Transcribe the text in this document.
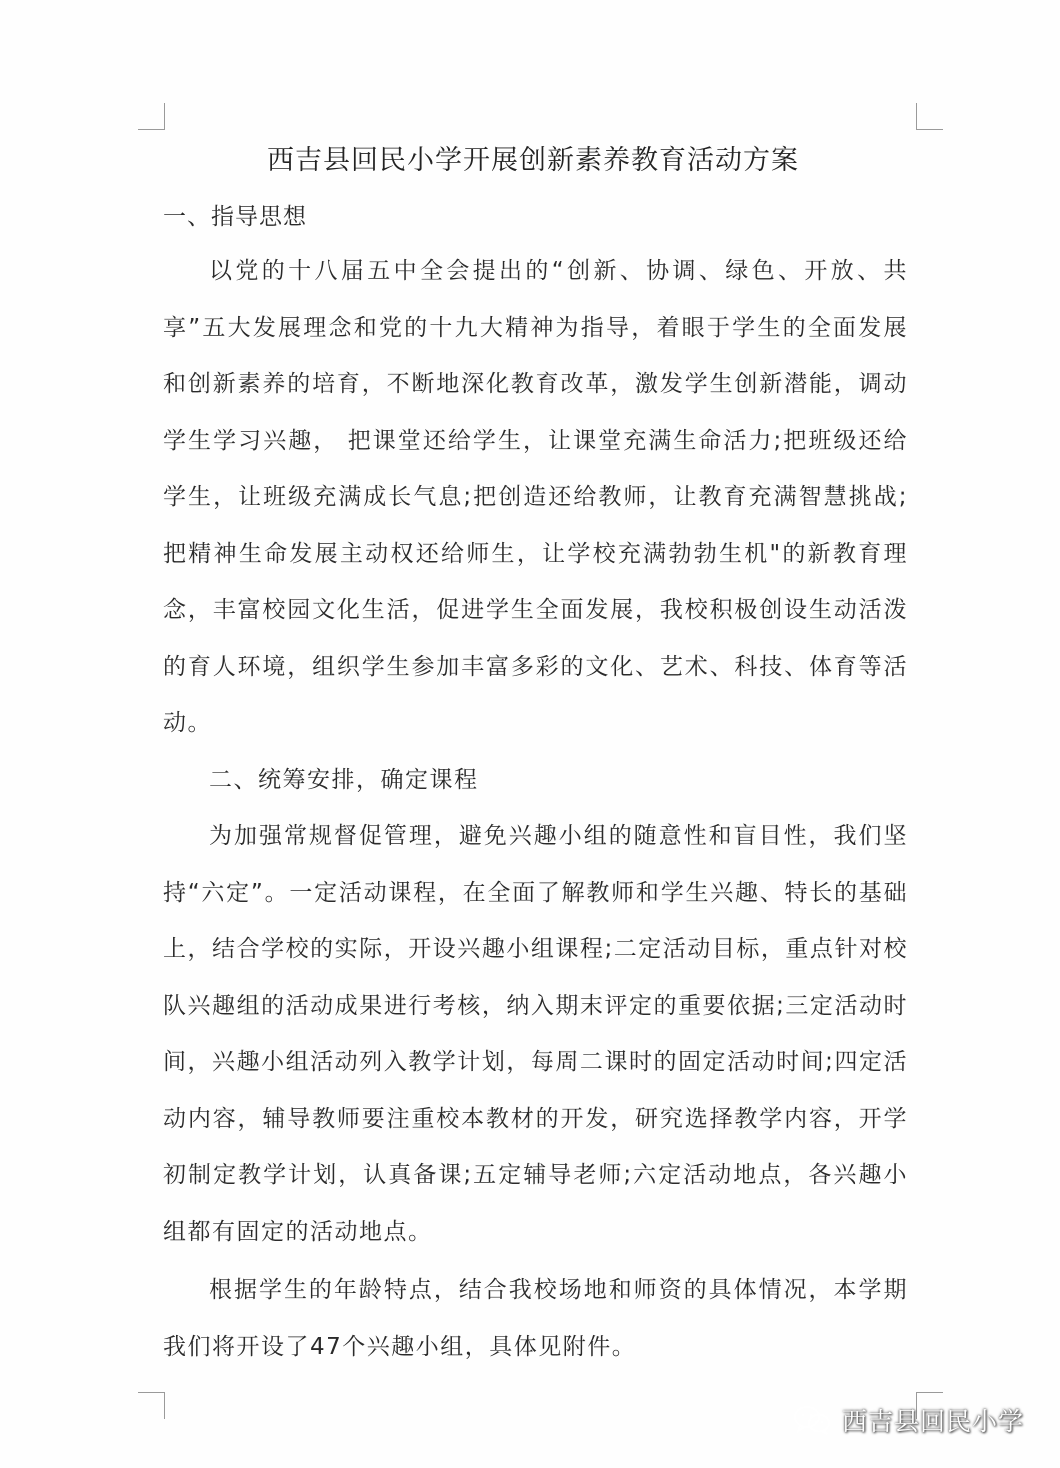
西吉县回民小学开展创新素养教育活动方案
一、指导思想

以党的十八届五中全会提出的“创新、协调、绿色、开放、共享”五大发展理念和党的十九大精神为指导，着眼于学生的全面发展和创新素养的培育，不断地深化教育改革，激发学生创新潜能，调动学生学习兴趣， 把课堂还给学生，让课堂充满生命活力;把班级还给学生，让班级充满成长气息;把创造还给教师，让教育充满智慧挑战;把精神生命发展主动权还给师生，让学校充满勃勃生机"的新教育理念，丰富校园文化生活，促进学生全面发展，我校积极创设生动活泼的育人环境，组织学生参加丰富多彩的文化、艺术、科技、体育等活动。

二、统筹安排，确定课程

为加强常规督促管理，避免兴趣小组的随意性和盲目性，我们坚持“六定”。一定活动课程，在全面了解教师和学生兴趣、特长的基础上，结合学校的实际，开设兴趣小组课程;二定活动目标，重点针对校队兴趣组的活动成果进行考核，纳入期末评定的重要依据;三定活动时间，兴趣小组活动列入教学计划，每周二课时的固定活动时间;四定活动内容，辅导教师要注重校本教材的开发，研究选择教学内容，开学初制定教学计划，认真备课;五定辅导老师;六定活动地点，各兴趣小组都有固定的活动地点。

根据学生的年龄特点，结合我校场地和师资的具体情况，本学期我们将开设了47个兴趣小组，具体见附件。

西吉县回民小学
